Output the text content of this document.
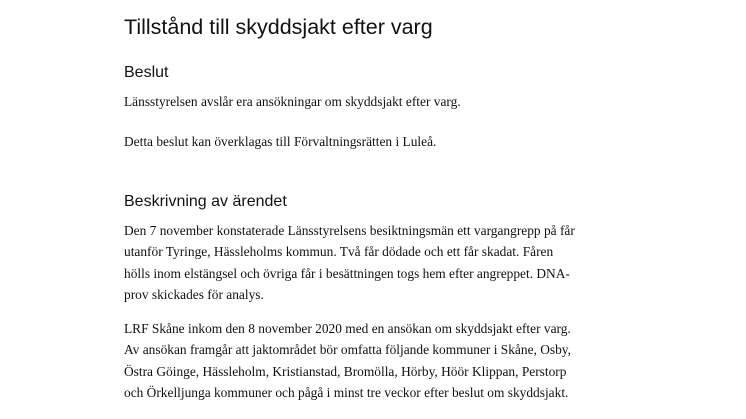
Tillstånd till skyddsjakt efter varg
Beslut

Länsstyrelsen avslår era ansökningar om skyddsjakt efter varg.

Detta beslut kan överklagas till Förvaltningsrätten i Luleå.

Beskrivning av ärendet

Den 7 november konstaterade Länsstyrelsens besiktningsmän ett vargangrepp på får
utanför Tyringe, Hässleholms kommun. Två får dödade och ett får skadat. Fåren
hölls inom elstängsel och övriga får i besättningen togs hem efter angreppet. DNA-
prov skickades för analys.

LRF Skåne inkom den 8 november 2020 med en ansökan om skyddsjakt efter varg.
Av ansökan framgår att jaktområdet bör omfatta följande kommuner i Skåne, Osby,
Östra Göinge, Hässleholm, Kristianstad, Bromölla, Hörby, Höör Klippan, Perstorp
och Örkelljunga kommuner och pågå i minst tre veckor efter beslut om skyddsjakt.
